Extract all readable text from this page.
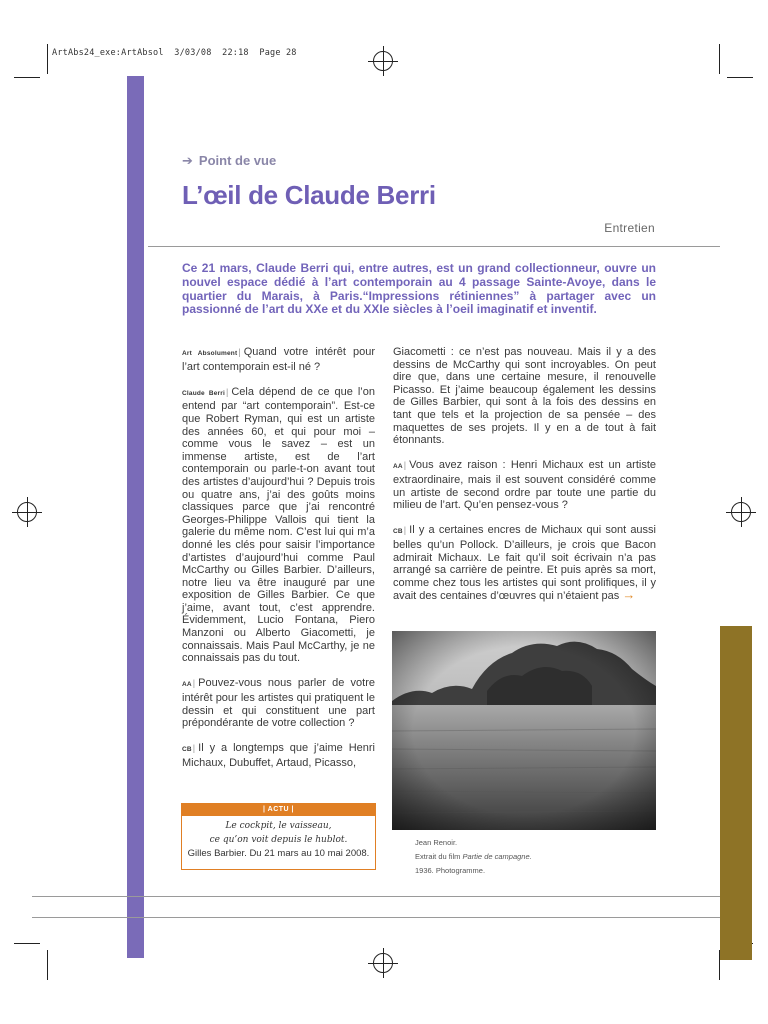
ArtAbs24_exe:ArtAbsol  3/03/08  22:18  Page 28
➔ Point de vue
L’œil de Claude Berri
Entretien
Ce 21 mars, Claude Berri qui, entre autres, est un grand collectionneur, ouvre un nouvel espace dédié à l’art contemporain au 4 passage Sainte-Avoye, dans le quartier du Marais, à Paris.“Impressions rétiniennes” à partager avec un passionné de l’art du XXe et du XXIe siècles à l’oeil imaginatif et inventif.

Art Absolument| Quand votre intérêt pour l’art contemporain est-il né ?

Claude Berri| Cela dépend de ce que l’on entend par “art contemporain”. Est-ce que Robert Ryman, qui est un artiste des années 60, et qui pour moi – comme vous le savez – est un immense artiste, est de l’art contemporain ou parle-t-on avant tout des artistes d’aujourd’hui ? Depuis trois ou quatre ans, j’ai des goûts moins classiques parce que j’ai rencontré Georges-Philippe Vallois qui tient la galerie du même nom. C’est lui qui m’a donné les clés pour saisir l’importance d’artistes d’aujourd’hui comme Paul McCarthy ou Gilles Barbier. D’ailleurs, notre lieu va être inauguré par une exposition de Gilles Barbier. Ce que j’aime, avant tout, c’est apprendre. Évidemment, Lucio Fontana, Piero Manzoni ou Alberto Giacometti, je connaissais. Mais Paul McCarthy, je ne connaissais pas du tout.

AA| Pouvez-vous nous parler de votre intérêt pour les artistes qui pratiquent le dessin et qui constituent une part prépondérante de votre collection ?

CB| Il y a longtemps que j’aime Henri Michaux, Dubuffet, Artaud, Picasso,

Giacometti : ce n’est pas nouveau. Mais il y a des dessins de McCarthy qui sont incroyables. On peut dire que, dans une certaine mesure, il renouvelle Picasso. Et j’aime beaucoup également les dessins de Gilles Barbier, qui sont à la fois des dessins en tant que tels et la projection de sa pensée – des maquettes de ses projets. Il y en a de tout à fait étonnants.

AA| Vous avez raison : Henri Michaux est un artiste extraordinaire, mais il est souvent considéré comme un artiste de second ordre par toute une partie du milieu de l’art. Qu’en pensez-vous ?

CB| Il y a certaines encres de Michaux qui sont aussi belles qu’un Pollock. D’ailleurs, je crois que Bacon admirait Michaux. Le fait qu’il soit écrivain n’a pas arrangé sa carrière de peintre. Et puis après sa mort, comme chez tous les artistes qui sont prolifiques, il y avait des centaines d’œuvres qui n’étaient pas →

| ACTU |
Le cockpit, le vaisseau,
ce qu’on voit depuis le hublot.
Gilles Barbier. Du 21 mars au 10 mai 2008.
Jean Renoir.
Extrait du film Partie de campagne.
1936. Photogramme.
